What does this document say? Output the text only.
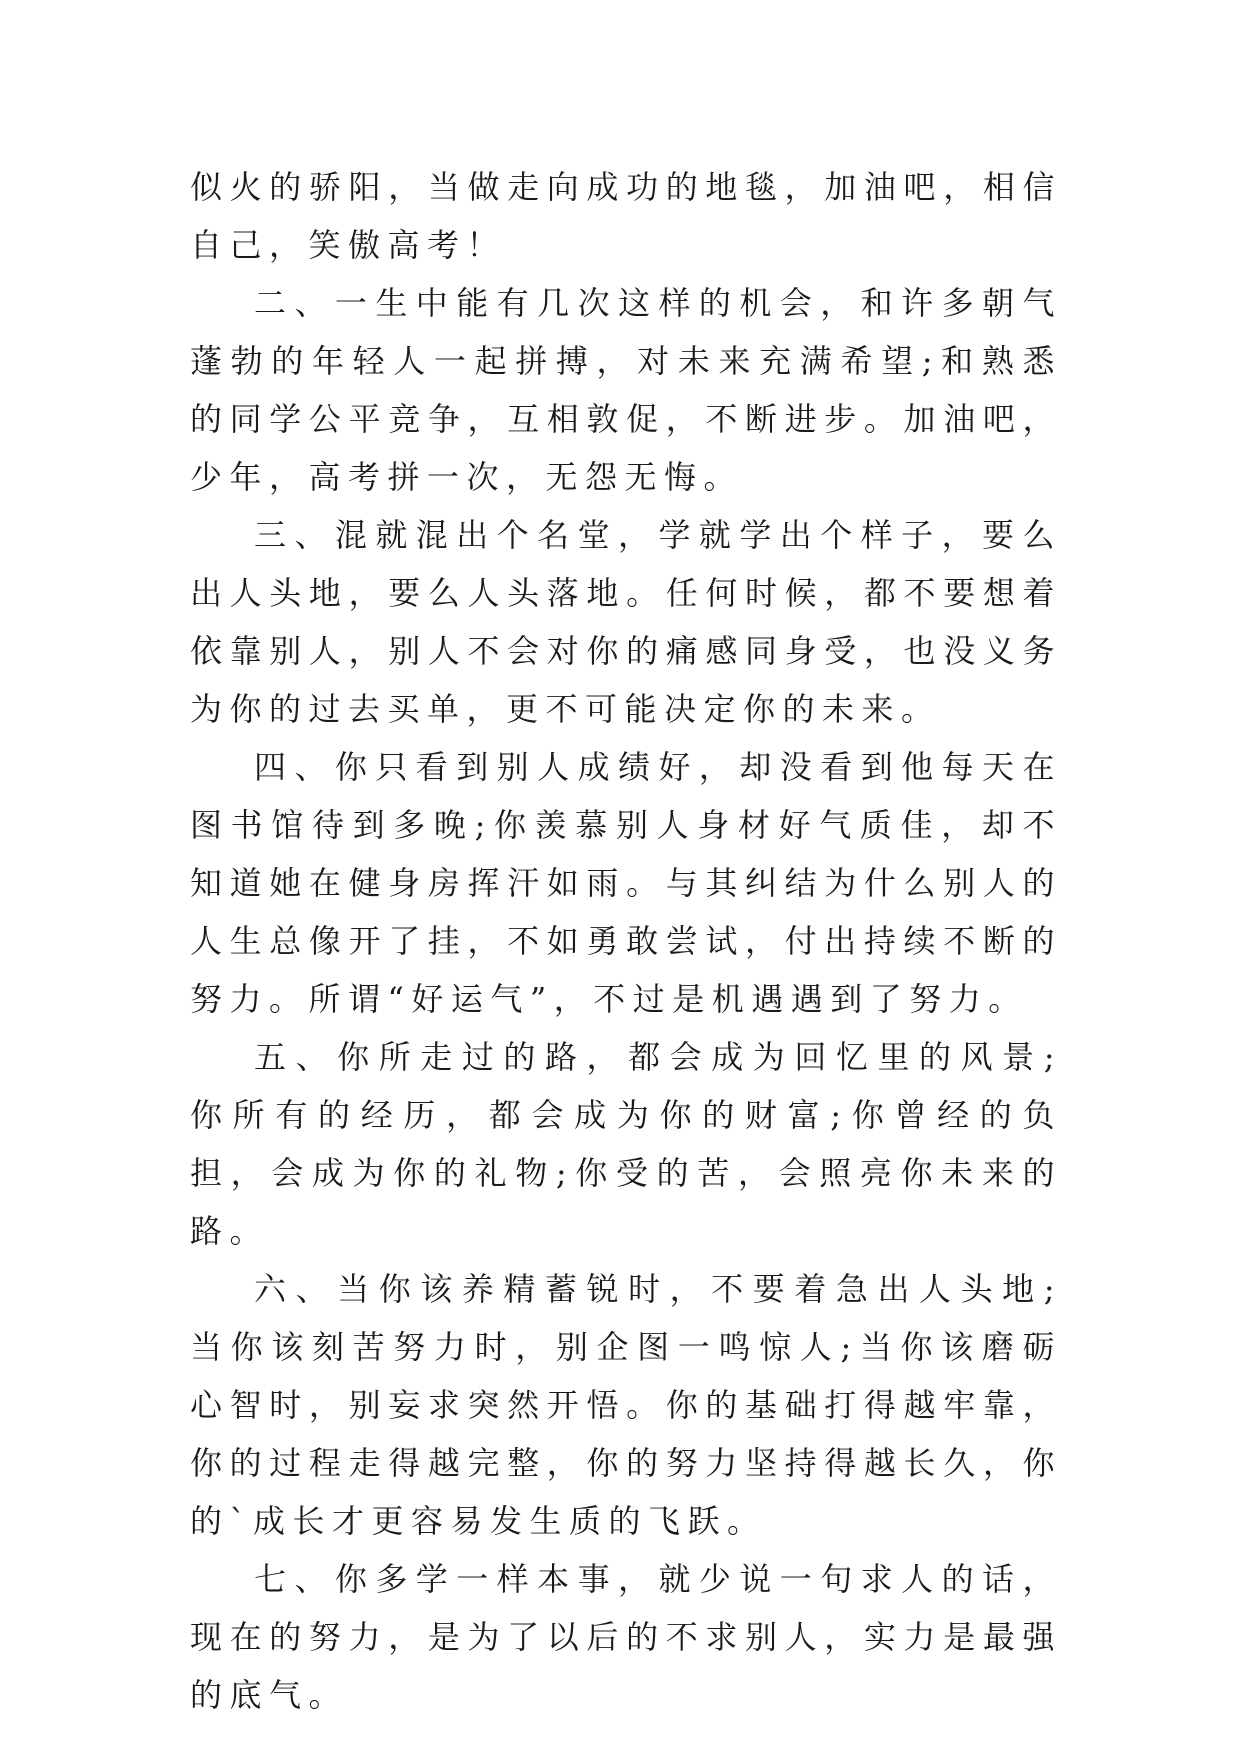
似火的骄阳，当做走向成功的地毯，加油吧，相信自己，笑傲高考！

二、一生中能有几次这样的机会，和许多朝气蓬勃的年轻人一起拼搏，对未来充满希望;和熟悉的同学公平竞争，互相敦促，不断进步。加油吧，少年，高考拼一次，无怨无悔。

三、混就混出个名堂，学就学出个样子，要么出人头地，要么人头落地。任何时候，都不要想着依靠别人，别人不会对你的痛感同身受，也没义务为你的过去买单，更不可能决定你的未来。

四、你只看到别人成绩好，却没看到他每天在图书馆待到多晚;你羡慕别人身材好气质佳，却不知道她在健身房挥汗如雨。与其纠结为什么别人的人生总像开了挂，不如勇敢尝试，付出持续不断的努力。所谓“好运气”，不过是机遇遇到了努力。

五、你所走过的路，都会成为回忆里的风景;你所有的经历，都会成为你的财富;你曾经的负担，会成为你的礼物;你受的苦，会照亮你未来的路。

六、当你该养精蓄锐时，不要着急出人头地;当你该刻苦努力时，别企图一鸣惊人;当你该磨砺心智时，别妄求突然开悟。你的基础打得越牢靠，你的过程走得越完整，你的努力坚持得越长久，你的`成长才更容易发生质的飞跃。

七、你多学一样本事，就少说一句求人的话，现在的努力，是为了以后的不求别人，实力是最强的底气。
